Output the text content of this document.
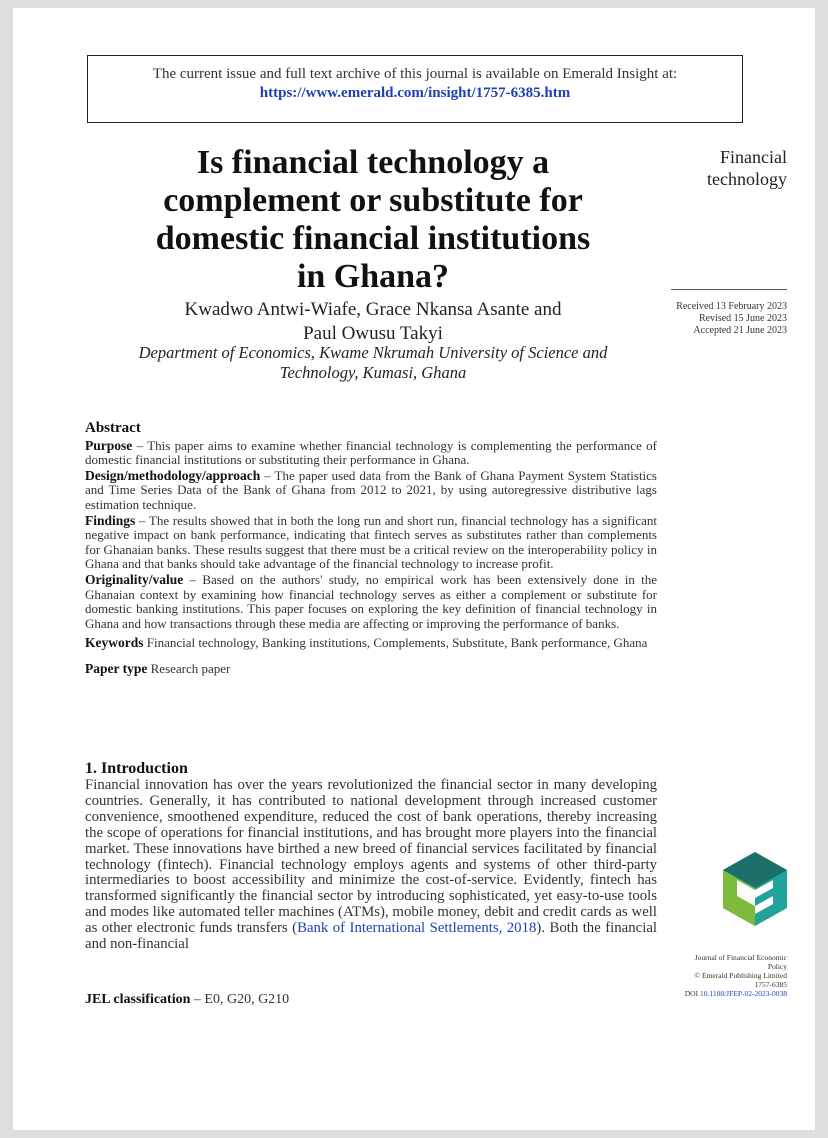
The current issue and full text archive of this journal is available on Emerald Insight at:
https://www.emerald.com/insight/1757-6385.htm
Is financial technology a
complement or substitute for
domestic financial institutions
in Ghana?
Kwadwo Antwi-Wiafe, Grace Nkansa Asante and
Paul Owusu Takyi
Department of Economics, Kwame Nkrumah University of Science and
Technology, Kumasi, Ghana
Financial
technology
Received 13 February 2023
Revised 15 June 2023
Accepted 21 June 2023
Abstract

Purpose – This paper aims to examine whether financial technology is complementing the performance of domestic financial institutions or substituting their performance in Ghana.

Design/methodology/approach – The paper used data from the Bank of Ghana Payment System Statistics and Time Series Data of the Bank of Ghana from 2012 to 2021, by using autoregressive distributive lags estimation technique.

Findings – The results showed that in both the long run and short run, financial technology has a significant negative impact on bank performance, indicating that fintech serves as substitutes rather than complements for Ghanaian banks. These results suggest that there must be a critical review on the interoperability policy in Ghana and that banks should take advantage of the financial technology to increase profit.

Originality/value – Based on the authors' study, no empirical work has been extensively done in the Ghanaian context by examining how financial technology serves as either a complement or substitute for domestic banking institutions. This paper focuses on exploring the key definition of financial technology in Ghana and how transactions through these media are affecting or improving the performance of banks.

Keywords Financial technology, Banking institutions, Complements, Substitute, Bank performance, Ghana

Paper type Research paper

1. Introduction

Financial innovation has over the years revolutionized the financial sector in many developing countries. Generally, it has contributed to national development through increased customer convenience, smoothened expenditure, reduced the cost of bank operations, thereby increasing the scope of operations for financial institutions, and has brought more players into the financial market. These innovations have birthed a new breed of financial services facilitated by financial technology (fintech). Financial technology employs agents and systems of other third-party intermediaries to boost accessibility and minimize the cost-of-service. Evidently, fintech has transformed significantly the financial sector by introducing sophisticated, yet easy-to-use tools and modes like automated teller machines (ATMs), mobile money, debit and credit cards as well as other electronic funds transfers (Bank of International Settlements, 2018). Both the financial and non-financial

JEL classification – E0, G20, G210
Journal of Financial Economic
Policy
© Emerald Publishing Limited
1757-6385
DOI 10.1108/JFEP-02-2023-0038
